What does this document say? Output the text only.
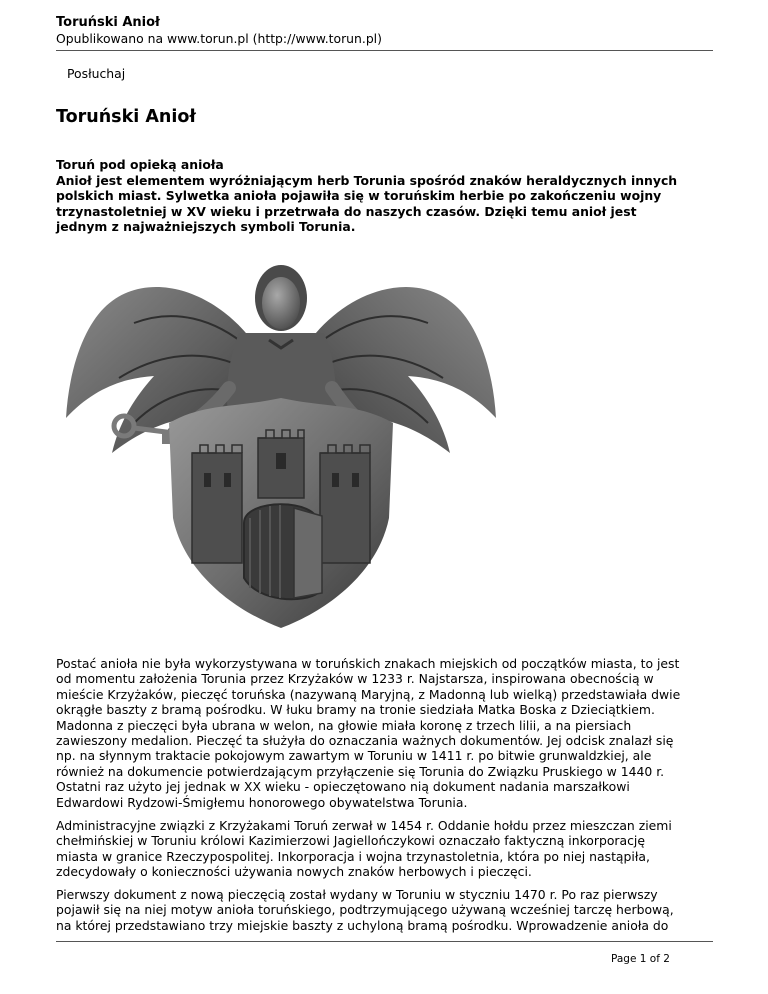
Toruński Anioł
Opublikowano na www.torun.pl (http://www.torun.pl)
Posłuchaj
Toruński Anioł
Toruń pod opieką anioła
Anioł jest elementem wyróżniającym herb Torunia spośród znaków heraldycznych innych
polskich miast. Sylwetka anioła pojawiła się w toruńskim herbie po zakończeniu wojny
trzynastoletniej w XV wieku i przetrwała do naszych czasów. Dzięki temu anioł jest
jednym z najważniejszych symboli Torunia.
Postać anioła nie była wykorzystywana w toruńskich znakach miejskich od początków miasta, to jest
od momentu założenia Torunia przez Krzyżaków w 1233 r. Najstarsza, inspirowana obecnością w
mieście Krzyżaków, pieczęć toruńska (nazywaną Maryjną, z Madonną lub wielką) przedstawiała dwie
okrągłe baszty z bramą pośrodku. W łuku bramy na tronie siedziała Matka Boska z Dzieciątkiem.
Madonna z pieczęci była ubrana w welon, na głowie miała koronę z trzech lilii, a na piersiach
zawieszony medalion. Pieczęć ta służyła do oznaczania ważnych dokumentów. Jej odcisk znalazł się
np. na słynnym traktacie pokojowym zawartym w Toruniu w 1411 r. po bitwie grunwaldzkiej, ale
również na dokumencie potwierdzającym przyłączenie się Torunia do Związku Pruskiego w 1440 r.
Ostatni raz użyto jej jednak w XX wieku - opieczętowano nią dokument nadania marszałkowi
Edwardowi Rydzowi-Śmigłemu honorowego obywatelstwa Torunia.
Administracyjne związki z Krzyżakami Toruń zerwał w 1454 r. Oddanie hołdu przez mieszczan ziemi
chełmińskiej w Toruniu królowi Kazimierzowi Jagiellończykowi oznaczało faktyczną inkorporację
miasta w granice Rzeczypospolitej. Inkorporacja i wojna trzynastoletnia, która po niej nastąpiła,
zdecydowały o konieczności używania nowych znaków herbowych i pieczęci.
Pierwszy dokument z nową pieczęcią został wydany w Toruniu w styczniu 1470 r. Po raz pierwszy
pojawił się na niej motyw anioła toruńskiego, podtrzymującego używaną wcześniej tarczę herbową,
na której przedstawiano trzy miejskie baszty z uchyloną bramą pośrodku. Wprowadzenie anioła do
Page 1 of 2
